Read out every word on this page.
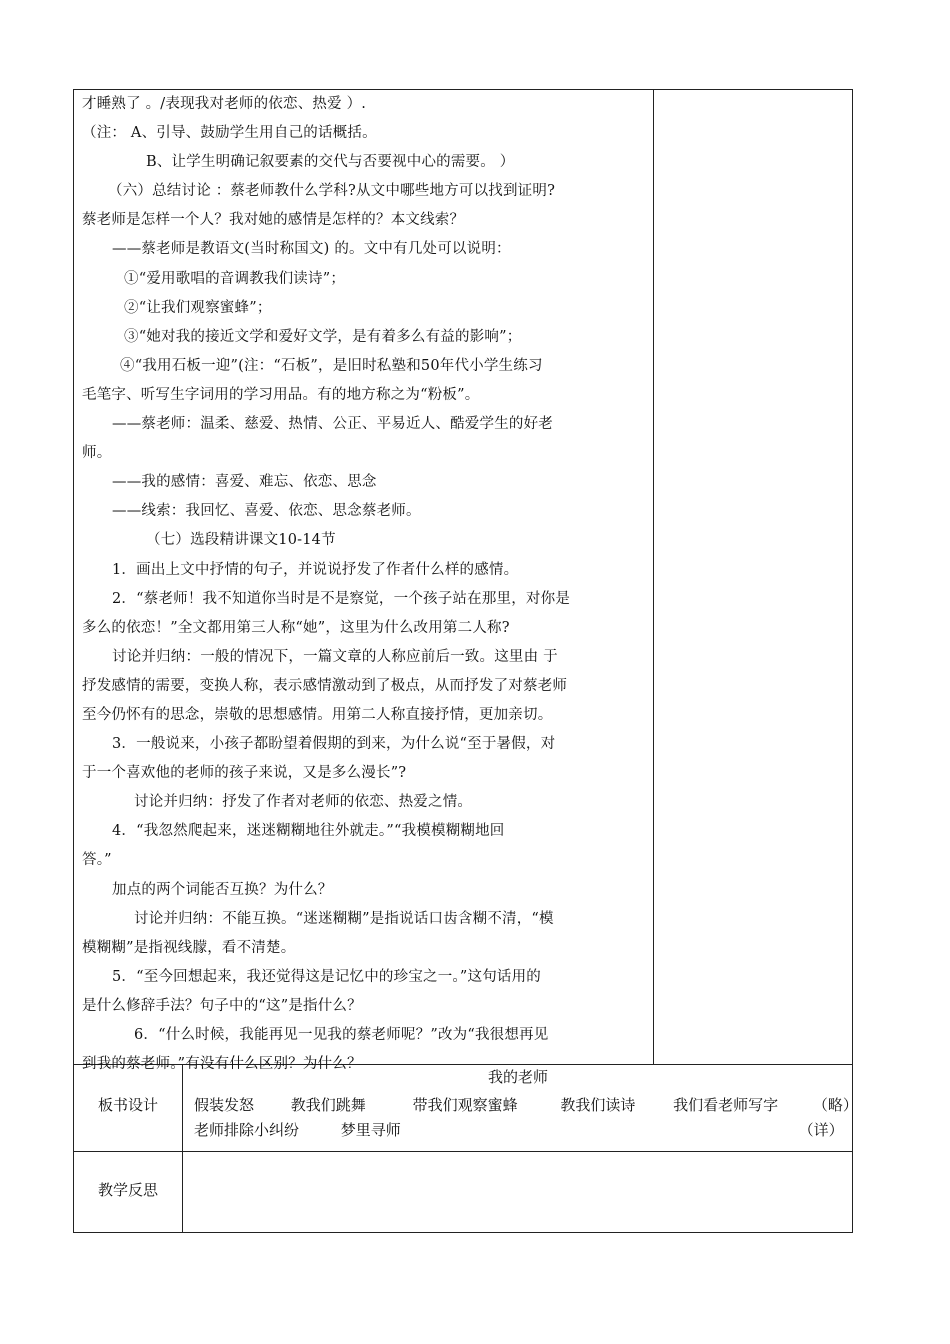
才睡熟了 。/表现我对老师的依恋、热爱 ）.

（注： A、引导、鼓励学生用自己的话概括。

B、让学生明确记叙要素的交代与否要视中心的需要。 ）

（六）总结讨论 ：蔡老师教什么学科?从文中哪些地方可以找到证明?

蔡老师是怎样一个人？我对她的感情是怎样的？本文线索？

——蔡老师是教语文(当时称国文) 的。文中有几处可以说明：

①“爱用歌唱的音调教我们读诗”；

②“让我们观察蜜蜂”；

③“她对我的接近文学和爱好文学，是有着多么有益的影响”；

④“我用石板一迎”(注：“石板”，是旧时私塾和50年代小学生练习

毛笔字、听写生字词用的学习用品。有的地方称之为“粉板”。

——蔡老师：温柔、慈爱、热情、公正、平易近人、酷爱学生的好老

师。

——我的感情：喜爱、难忘、依恋、思念

——线索：我回忆、喜爱、依恋、思念蔡老师。

（七）选段精讲课文10-14节

1．画出上文中抒情的句子，并说说抒发了作者什么样的感情。

2．“蔡老师！我不知道你当时是不是察觉，一个孩子站在那里，对你是

多么的依恋！”全文都用第三人称“她”，这里为什么改用第二人称?

讨论并归纳：一般的情况下，一篇文章的人称应前后一致。这里由 于

抒发感情的需要，变换人称，表示感情激动到了极点，从而抒发了对蔡老师

至今仍怀有的思念，崇敬的思想感情。用第二人称直接抒情，更加亲切。

3．一般说来，小孩子都盼望着假期的到来，为什么说“至于暑假，对

于一个喜欢他的老师的孩子来说，又是多么漫长”?

讨论并归纳：抒发了作者对老师的依恋、热爱之情。

4．“我忽然爬起来，迷迷糊糊地往外就走。”“我模模糊糊地回

答。”

加点的两个词能否互换？为什么？

讨论并归纳：不能互换。“迷迷糊糊”是指说话口齿含糊不清，“模

模糊糊”是指视线朦，看不清楚。

5．“至今回想起来，我还觉得这是记忆中的珍宝之一。”这句话用的

是什么修辞手法？句子中的“这”是指什么？

6．“什么时候，我能再见一见我的蔡老师呢？”改为“我很想再见

到我的蔡老师。”有没有什么区别？为什么？

板书设计
我的老师
假装发怒 教我们跳舞	带我们观察蜜蜂	教我们读诗	我们看老师写字 （略）
老师排除小纠纷	梦里寻师	（详）
教学反思
